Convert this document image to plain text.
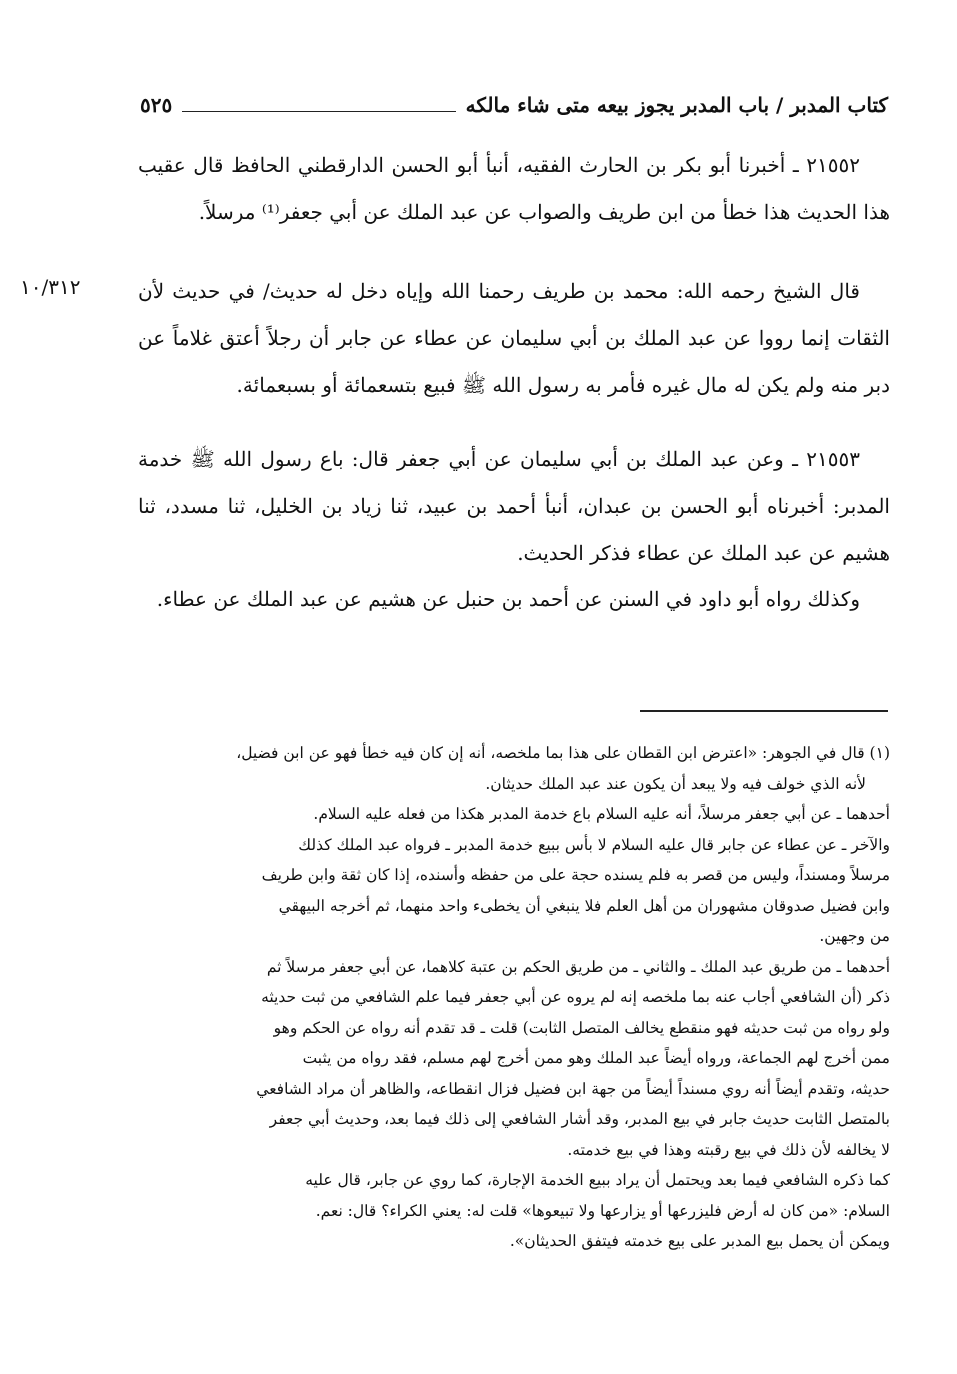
كتاب المدبر / باب المدبر يجوز بيعه متى شاء مالكه
٥٢٥

٢١٥٥٢ ـ أخبرنا أبو بكر بن الحارث الفقيه، أنبأ أبو الحسن الدارقطني الحافظ قال عقيب هذا الحديث هذا خطأ من ابن طريف والصواب عن عبد الملك عن أبي جعفر⁽¹⁾ مرسلاً.

١٠/٣١٢	قال الشيخ رحمه الله: محمد بن طريف رحمنا الله وإياه دخل له حديث/ في حديث لأن الثقات إنما رووا عن عبد الملك بن أبي سليمان عن عطاء عن جابر أن رجلاً أعتق غلاماً عن دبر منه ولم يكن له مال غيره فأمر به رسول الله ﷺ فبيع بتسعمائة أو بسبعمائة.

٢١٥٥٣ ـ وعن عبد الملك بن أبي سليمان عن أبي جعفر قال: باع رسول الله ﷺ خدمة المدبر: أخبرناه أبو الحسن بن عبدان، أنبأ أحمد بن عبيد، ثنا زياد بن الخليل، ثنا مسدد، ثنا هشيم عن عبد الملك عن عطاء فذكر الحديث.

وكذلك رواه أبو داود في السنن عن أحمد بن حنبل عن هشيم عن عبد الملك عن عطاء.

(١) قال في الجوهر: «اعترض ابن القطان على هذا بما ملخصه، أنه إن كان فيه خطأ فهو عن ابن فضيل،

لأنه الذي خولف فيه ولا يبعد أن يكون عند عبد الملك حديثان.

أحدهما ـ عن أبي جعفر مرسلاً، أنه عليه السلام باع خدمة المدبر هكذا من فعله عليه السلام.

والآخر ـ عن عطاء عن جابر قال عليه السلام لا بأس ببيع خدمة المدبر ـ فرواه عبد الملك كذلك

مرسلاً ومسنداً، وليس من قصر به فلم يسنده حجة على من حفظه وأسنده، إذا كان ثقة وابن طريف

وابن فضيل صدوقان مشهوران من أهل العلم فلا ينبغي أن يخطىء واحد منهما، ثم أخرجه البيهقي

من وجهين.

أحدهما ـ من طريق عبد الملك ـ والثاني ـ من طريق الحكم بن عتبة كلاهما، عن أبي جعفر مرسلاً ثم

ذكر (أن الشافعي أجاب عنه بما ملخصه إنه لم يروه عن أبي جعفر فيما علم الشافعي من ثبت حديثه

ولو رواه من ثبت حديثه فهو منقطع يخالف المتصل الثابت) قلت ـ قد تقدم أنه رواه عن الحكم وهو

ممن أخرج لهم الجماعة، ورواه أيضاً عبد الملك وهو ممن أخرج لهم مسلم، فقد رواه من يثبت

حديثه، وتقدم أيضاً أنه روي مسنداً أيضاً من جهة ابن فضيل فزال انقطاعه، والظاهر أن مراد الشافعي

بالمتصل الثابت حديث جابر في بيع المدبر، وقد أشار الشافعي إلى ذلك فيما بعد، وحديث أبي جعفر

لا يخالفه لأن ذلك في بيع رقبته وهذا في بيع خدمته.

كما ذكره الشافعي فيما بعد ويحتمل أن يراد ببيع الخدمة الإجارة، كما روي عن جابر، قال عليه

السلام: «من كان له أرض فليزرعها أو يزارعها ولا تبيعوها» قلت له: يعني الكراء؟ قال: نعم.

ويمكن أن يحمل بيع المدبر على بيع خدمته فيتفق الحديثان».
